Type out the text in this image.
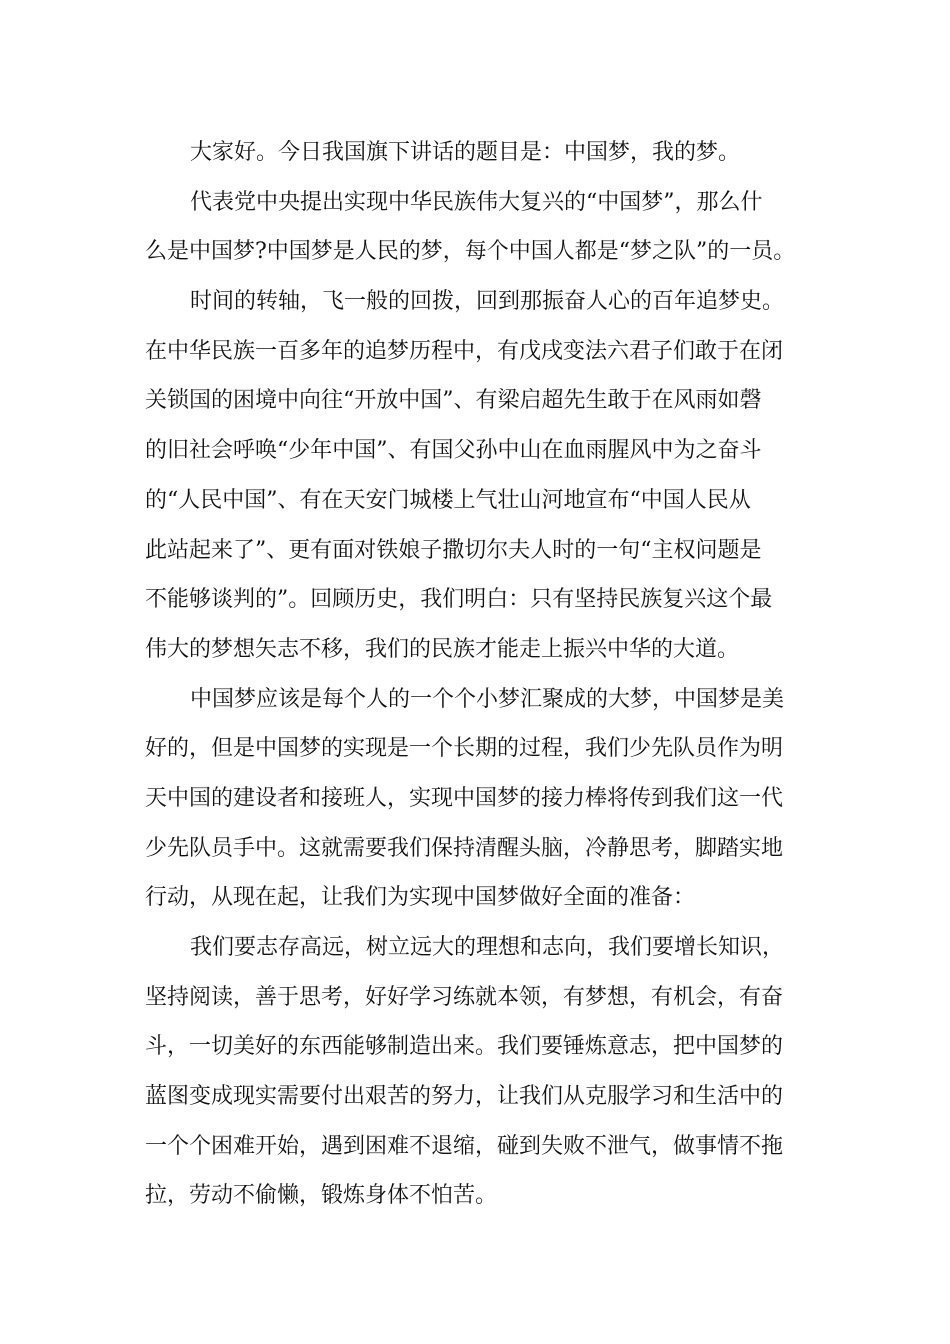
大家好。今日我国旗下讲话的题目是：中国梦，我的梦。
代表党中央提出实现中华民族伟大复兴的“中国梦”，那么什
么是中国梦?中国梦是人民的梦，每个中国人都是“梦之队”的一员。
时间的转轴，飞一般的回拨，回到那振奋人心的百年追梦史。
在中华民族一百多年的追梦历程中，有戊戌变法六君子们敢于在闭
关锁国的困境中向往“开放中国”、有梁启超先生敢于在风雨如磬
的旧社会呼唤“少年中国”、有国父孙中山在血雨腥风中为之奋斗
的“人民中国”、有在天安门城楼上气壮山河地宣布“中国人民从
此站起来了”、更有面对铁娘子撒切尔夫人时的一句“主权问题是
不能够谈判的”。回顾历史，我们明白：只有坚持民族复兴这个最
伟大的梦想矢志不移，我们的民族才能走上振兴中华的大道。
中国梦应该是每个人的一个个小梦汇聚成的大梦，中国梦是美
好的，但是中国梦的实现是一个长期的过程，我们少先队员作为明
天中国的建设者和接班人，实现中国梦的接力棒将传到我们这一代
少先队员手中。这就需要我们保持清醒头脑，冷静思考，脚踏实地
行动，从现在起，让我们为实现中国梦做好全面的准备：
我们要志存高远，树立远大的理想和志向，我们要增长知识，
坚持阅读，善于思考，好好学习练就本领，有梦想，有机会，有奋
斗，一切美好的东西能够制造出来。我们要锤炼意志，把中国梦的
蓝图变成现实需要付出艰苦的努力，让我们从克服学习和生活中的
一个个困难开始，遇到困难不退缩，碰到失败不泄气，做事情不拖
拉，劳动不偷懒，锻炼身体不怕苦。
